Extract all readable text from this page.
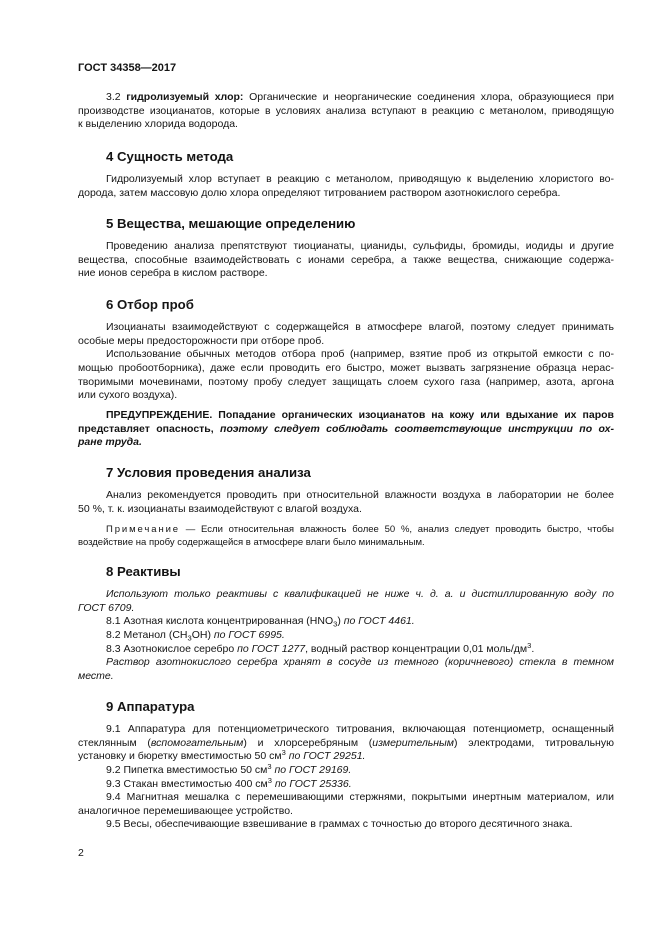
ГОСТ 34358—2017
3.2 гидролизуемый хлор: Органические и неорганические соединения хлора, образующиеся при
производстве изоцианатов, которые в условиях анализа вступают в реакцию с метанолом, приводящую
к выделению хлорида водорода.
4 Сущность метода
Гидролизуемый хлор вступает в реакцию с метанолом, приводящую к выделению хлористого во-
дорода, затем массовую долю хлора определяют титрованием раствором азотнокислого серебра.
5 Вещества, мешающие определению
Проведению анализа препятствуют тиоцианаты, цианиды, сульфиды, бромиды, иодиды и другие
вещества, способные взаимодействовать с ионами серебра, а также вещества, снижающие содержа-
ние ионов серебра в кислом растворе.
6 Отбор проб
Изоцианаты взаимодействуют с содержащейся в атмосфере влагой, поэтому следует принимать
особые меры предосторожности при отборе проб.
Использование обычных методов отбора проб (например, взятие проб из открытой емкости с по-
мощью пробоотборника), даже если проводить его быстро, может вызвать загрязнение образца нерас-
творимыми мочевинами, поэтому пробу следует защищать слоем сухого газа (например, азота, аргона
или сухого воздуха).
ПРЕДУПРЕЖДЕНИЕ. Попадание органических изоцианатов на кожу или вдыхание их паров
представляет опасность, поэтому следует соблюдать соответствующие инструкции по ох-
ране труда.
7 Условия проведения анализа
Анализ рекомендуется проводить при относительной влажности воздуха в лаборатории не более
50 %, т. к. изоцианаты взаимодействуют с влагой воздуха.
Примечание — Если относительная влажность более 50 %, анализ следует проводить быстро, чтобы
воздействие на пробу содержащейся в атмосфере влаги было минимальным.
8 Реактивы
Используют только реактивы с квалификацией не ниже ч. д. а. и дистиллированную воду по
ГОСТ 6709.
8.1 Азотная кислота концентрированная $(HNO_3)$ по ГОСТ 4461.
8.2 Метанол $(CH_3OH)$ по ГОСТ 6995.
8.3 Азотнокислое серебро по ГОСТ 1277, водный раствор концентрации 0,01 моль/$дм^3$.
Раствор азотнокислого серебра хранят в сосуде из темного (коричневого) стекла в темном
месте.
9 Аппаратура
9.1 Аппаратура для потенциометрического титрования, включающая потенциометр, оснащенный
стеклянным (вспомогательным) и хлорсеребряным (измерительным) электродами, титровальную
установку и бюретку вместимостью 50 $см^3$ по ГОСТ 29251.
9.2 Пипетка вместимостью 50 $см^3$ по ГОСТ 29169.
9.3 Стакан вместимостью 400 $см^3$ по ГОСТ 25336.
9.4 Магнитная мешалка с перемешивающими стержнями, покрытыми инертным материалом, или
аналогичное перемешивающее устройство.
9.5 Весы, обеспечивающие взвешивание в граммах с точностью до второго десятичного знака.
2
